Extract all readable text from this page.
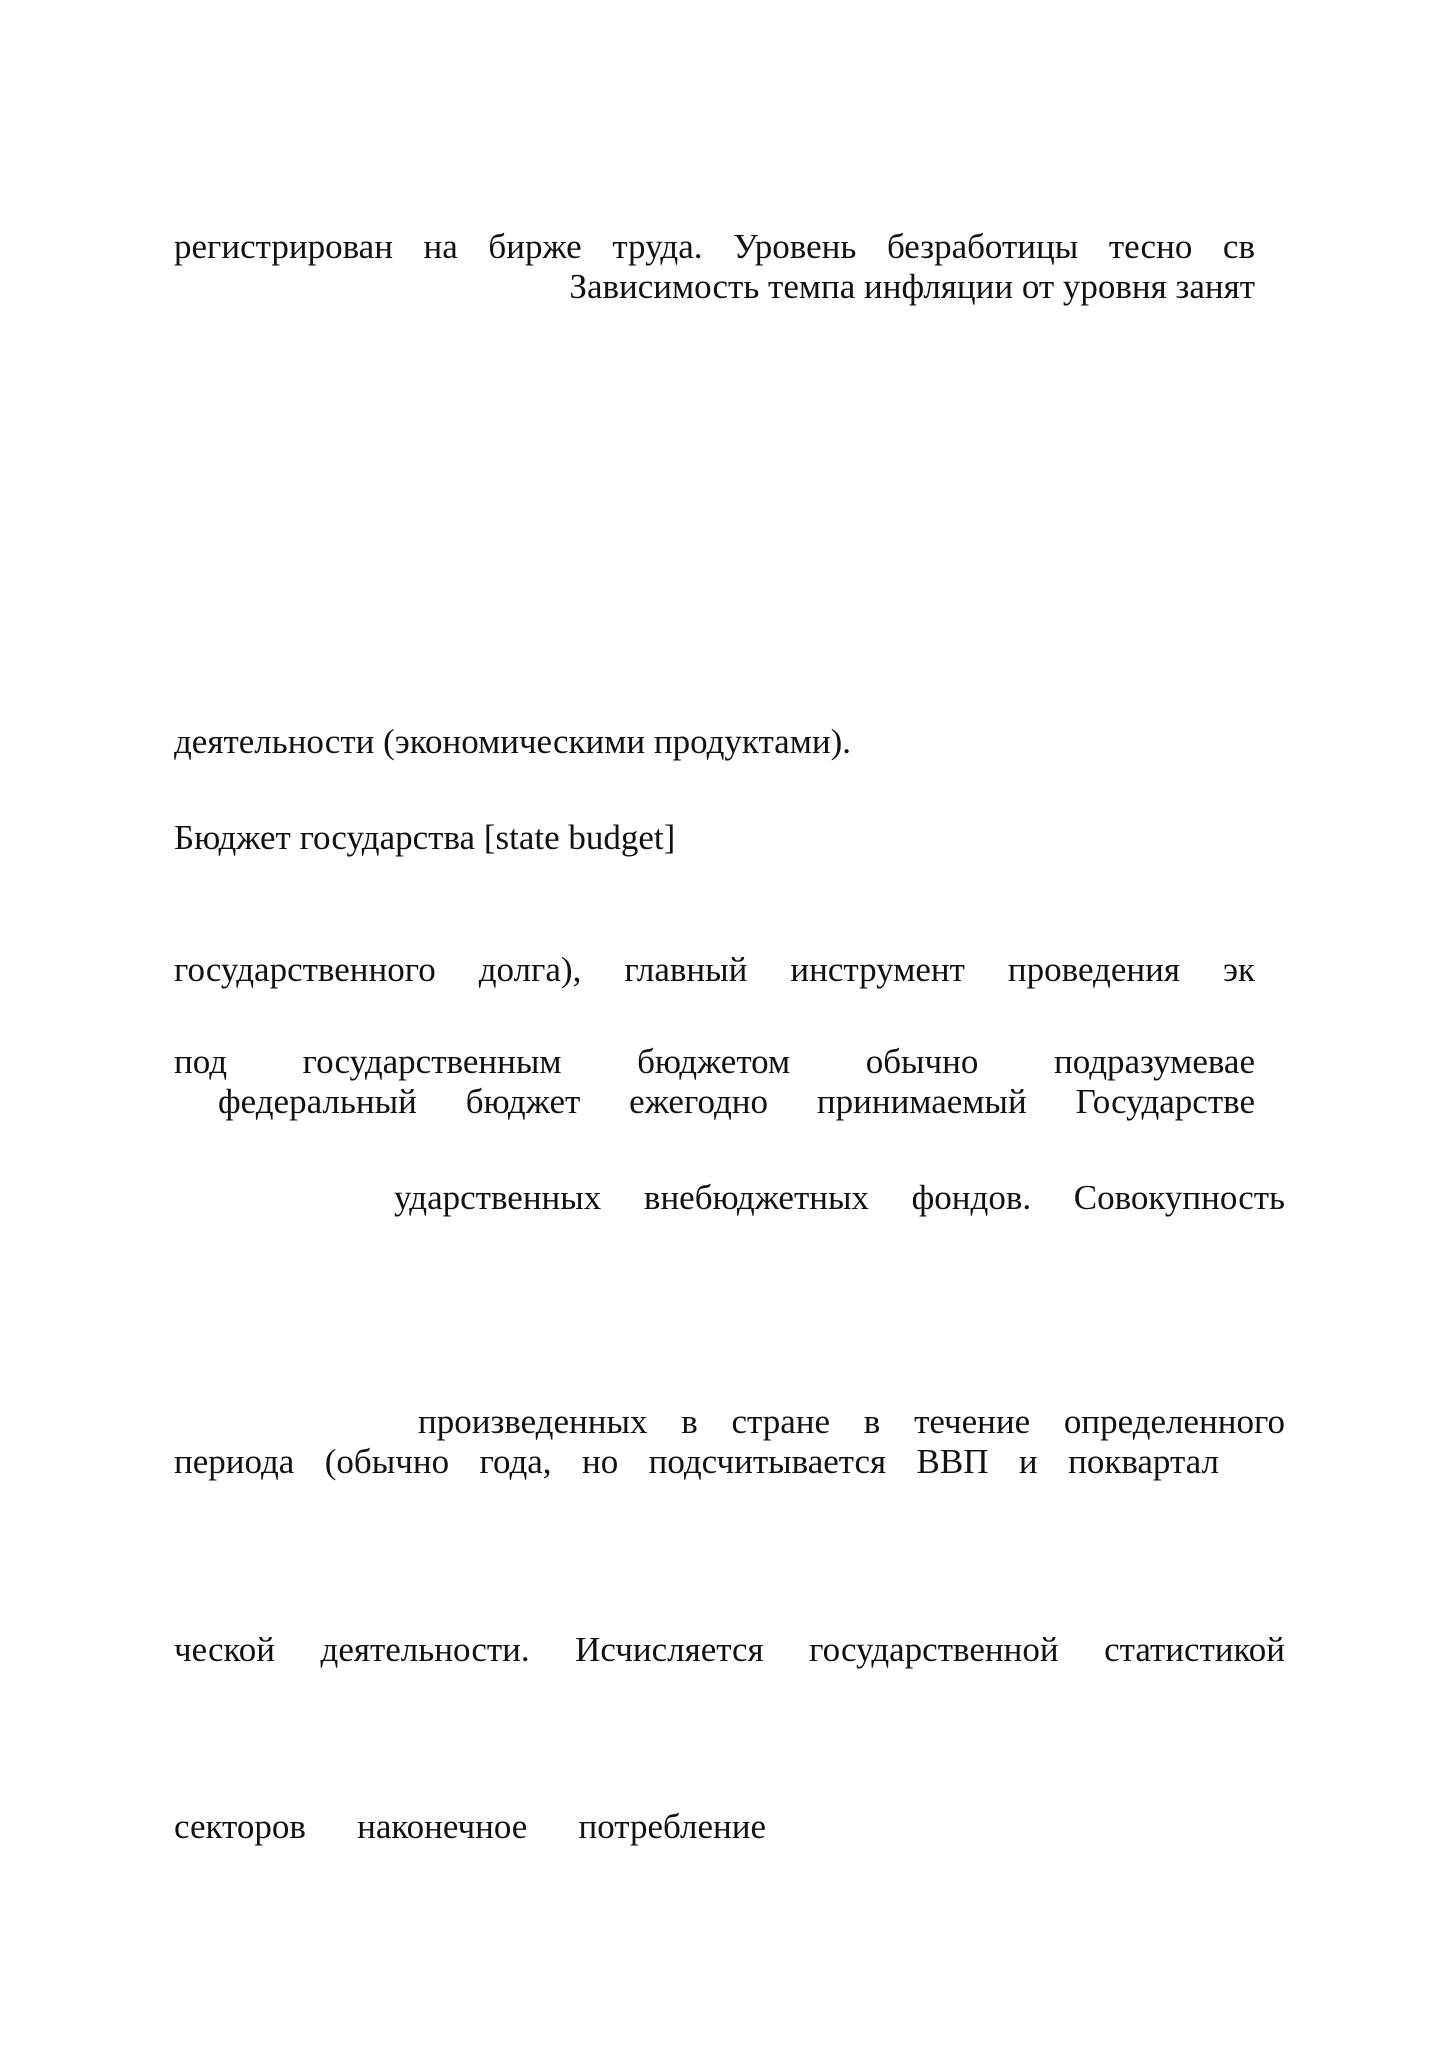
регистрирован на бирже труда. Уровень безработицы тесно св

Зависимость темпа инфляции от уровня занят

деятельности (экономическими продуктами).

Бюджет государства [state budget]

государственного долга), главный инструмент проведения эк

под государственным бюджетом обычно подразумевае

федеральный бюджет ежегодно принимаемый Государстве

ударственных внебюджетных фондов. Совокупность

произведенных в стране в течение определенного

периода (обычно года, но подсчитывается ВВП и поквартал

ческой деятельности. Исчисляется государственной статистикой

секторов наконечное потребление
